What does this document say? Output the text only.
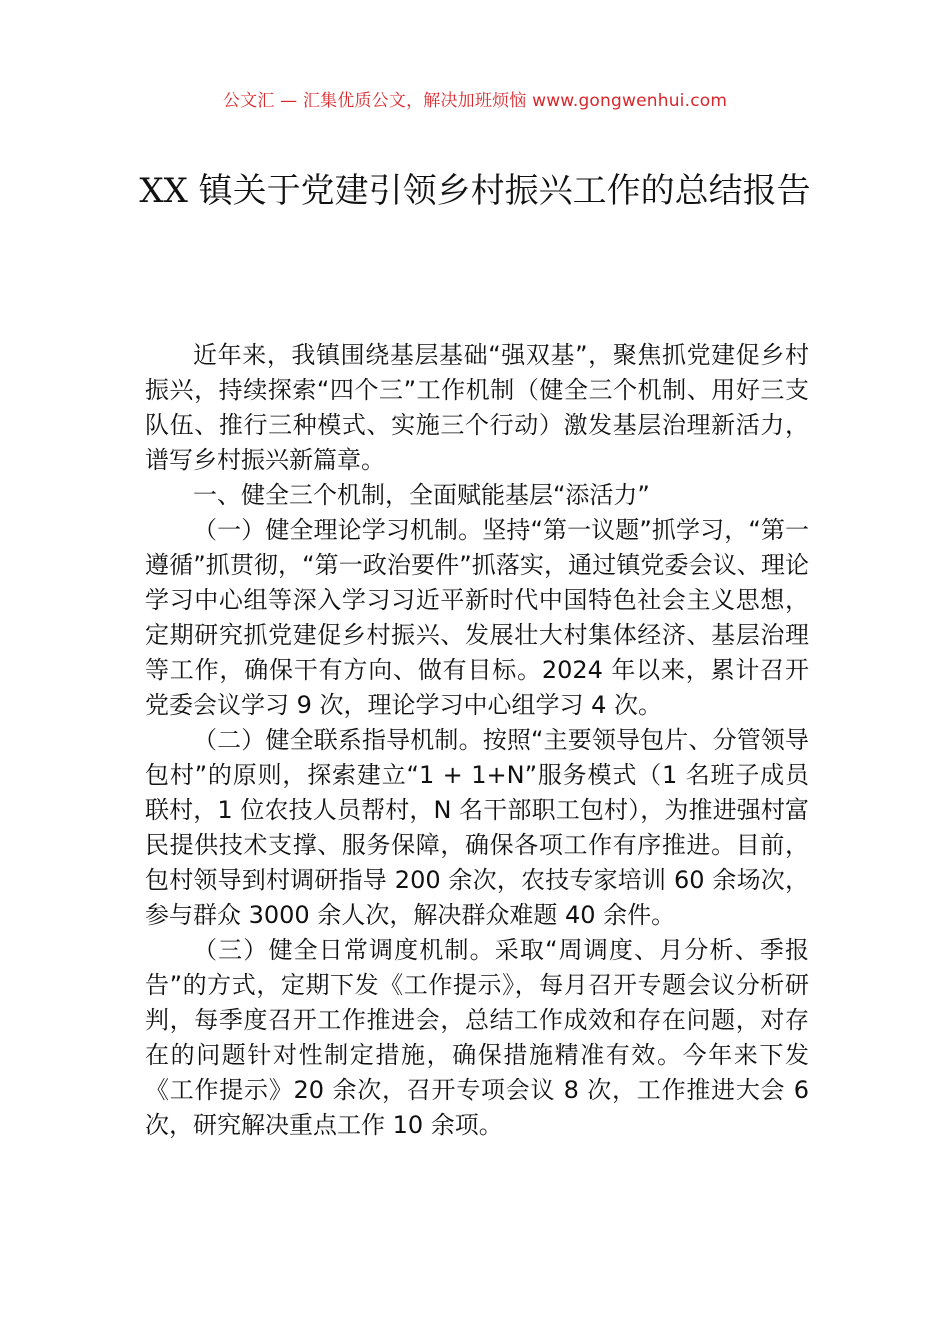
公文汇 — 汇集优质公文，解决加班烦恼 www.gongwenhui.com
XX 镇关于党建引领乡村振兴工作的总结报告

近年来，我镇围绕基层基础“强双基”，聚焦抓党建促乡村振兴，持续探索“四个三”工作机制（健全三个机制、用好三支队伍、推行三种模式、实施三个行动）激发基层治理新活力，谱写乡村振兴新篇章。

一、健全三个机制，全面赋能基层“添活力”

（一）健全理论学习机制。坚持“第一议题”抓学习，“第一遵循”抓贯彻，“第一政治要件”抓落实，通过镇党委会议、理论学习中心组等深入学习习近平新时代中国特色社会主义思想，定期研究抓党建促乡村振兴、发展壮大村集体经济、基层治理等工作，确保干有方向、做有目标。2024 年以来，累计召开党委会议学习 9 次，理论学习中心组学习 4 次。

（二）健全联系指导机制。按照“主要领导包片、分管领导包村”的原则，探索建立“1 + 1+N”服务模式（1 名班子成员联村，1 位农技人员帮村，N 名干部职工包村），为推进强村富民提供技术支撑、服务保障，确保各项工作有序推进。目前，包村领导到村调研指导 200 余次，农技专家培训 60 余场次，参与群众 3000 余人次，解决群众难题 40 余件。

（三）健全日常调度机制。采取“周调度、月分析、季报告”的方式，定期下发《工作提示》，每月召开专题会议分析研判，每季度召开工作推进会，总结工作成效和存在问题，对存在的问题针对性制定措施，确保措施精准有效。今年来下发《工作提示》20 余次，召开专项会议 8 次，工作推进大会 6 次，研究解决重点工作 10 余项。
